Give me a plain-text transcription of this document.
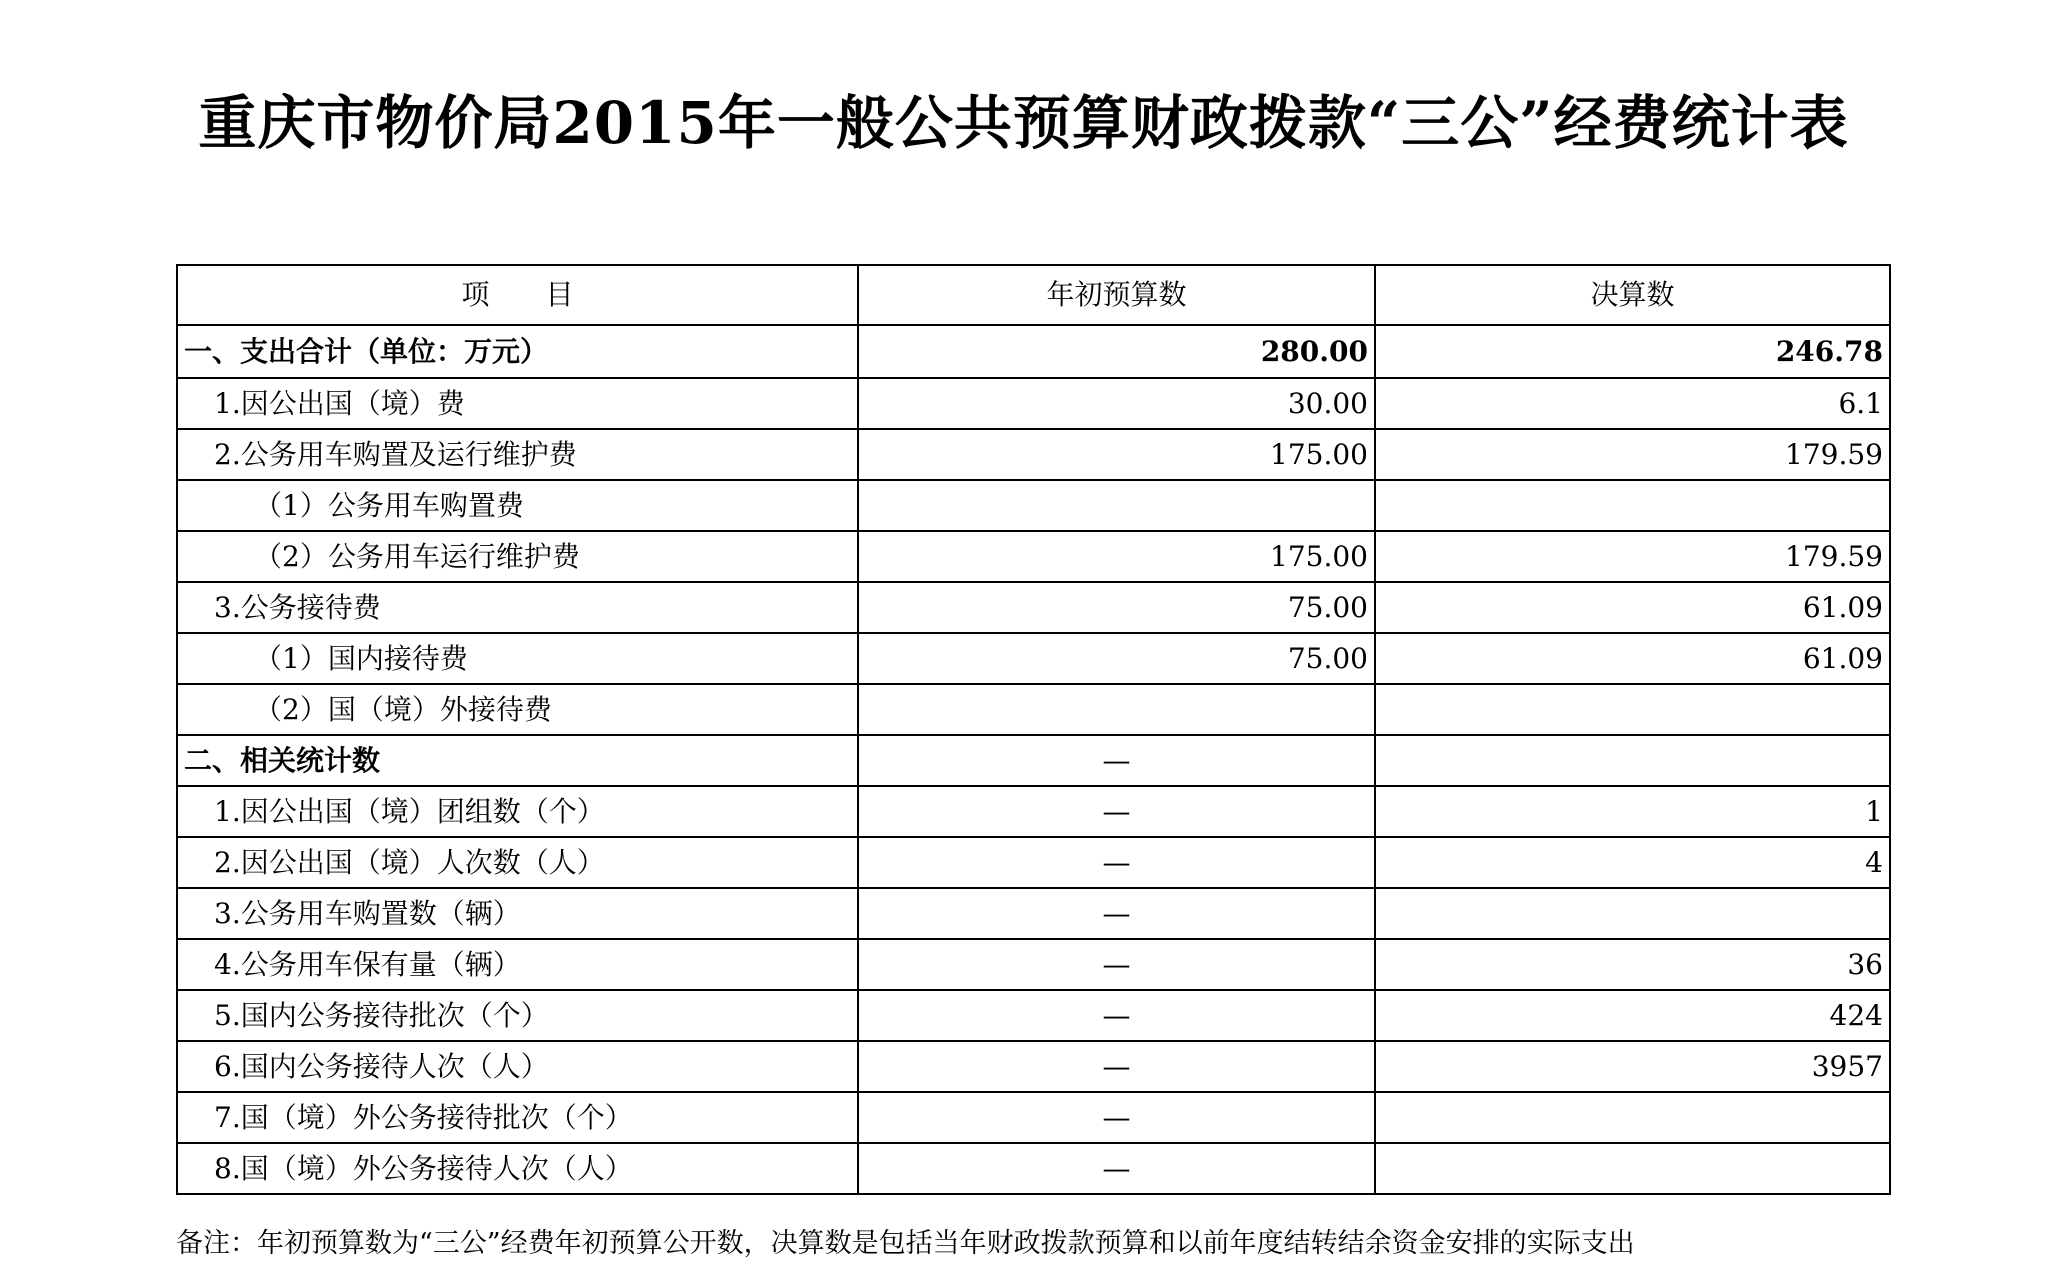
重庆市物价局2015年一般公共预算财政拨款“三公”经费统计表
项　　目	年初预算数	决算数
一、支出合计（单位：万元）	280.00	246.78
1.因公出国（境）费	30.00	6.1
2.公务用车购置及运行维护费	175.00	179.59
（1）公务用车购置费		
（2）公务用车运行维护费	175.00	179.59
3.公务接待费	75.00	61.09
（1）国内接待费	75.00	61.09
（2）国（境）外接待费		
二、相关统计数	—	
1.因公出国（境）团组数（个）	—	1
2.因公出国（境）人次数（人）	—	4
3.公务用车购置数（辆）	—	
4.公务用车保有量（辆）	—	36
5.国内公务接待批次（个）	—	424
6.国内公务接待人次（人）	—	3957
7.国（境）外公务接待批次（个）	—	
8.国（境）外公务接待人次（人）	—	
备注：年初预算数为“三公”经费年初预算公开数，决算数是包括当年财政拨款预算和以前年度结转结余资金安排的实际支出
